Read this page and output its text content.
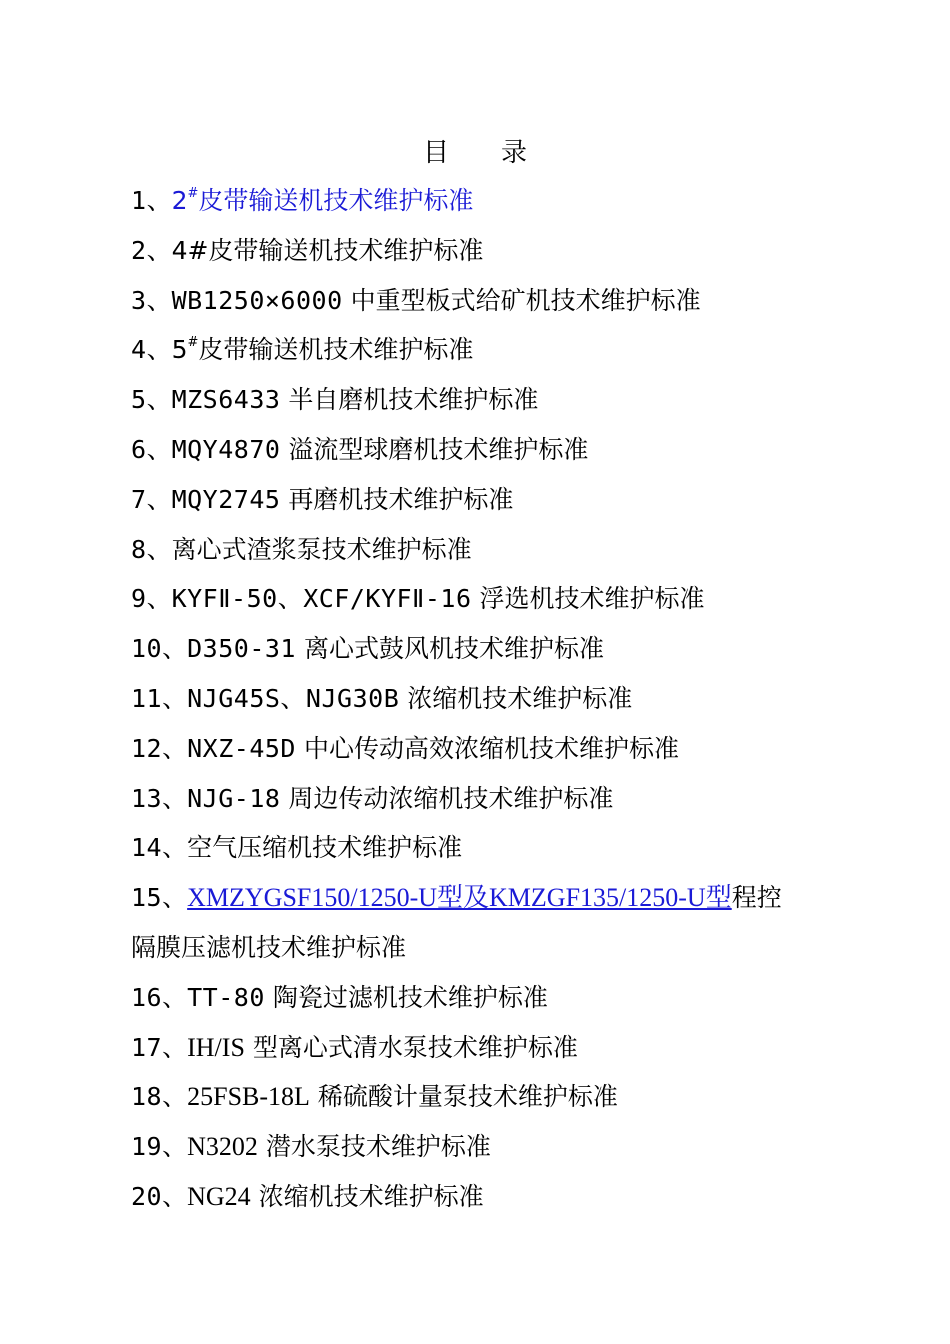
目录
1、2#皮带输送机技术维护标准
2、4#皮带输送机技术维护标准
3、WB1250×6000 中重型板式给矿机技术维护标准
4、5#皮带输送机技术维护标准
5、MZS6433 半自磨机技术维护标准
6、MQY4870 溢流型球磨机技术维护标准
7、MQY2745 再磨机技术维护标准
8、离心式渣浆泵技术维护标准
9、KYFⅡ-50、XCF/KYFⅡ-16 浮选机技术维护标准
10、D350-31 离心式鼓风机技术维护标准
11、NJG45S、NJG30B 浓缩机技术维护标准
12、NXZ-45D 中心传动高效浓缩机技术维护标准
13、NJG-18 周边传动浓缩机技术维护标准
14、空气压缩机技术维护标准
15、XMZYGSF150/1250-U型及KMZGF135/1250-U型程控
隔膜压滤机技术维护标准
16、TT-80 陶瓷过滤机技术维护标准
17、IH/IS 型离心式清水泵技术维护标准
18、25FSB-18L 稀硫酸计量泵技术维护标准
19、N3202 潜水泵技术维护标准
20、NG24 浓缩机技术维护标准
